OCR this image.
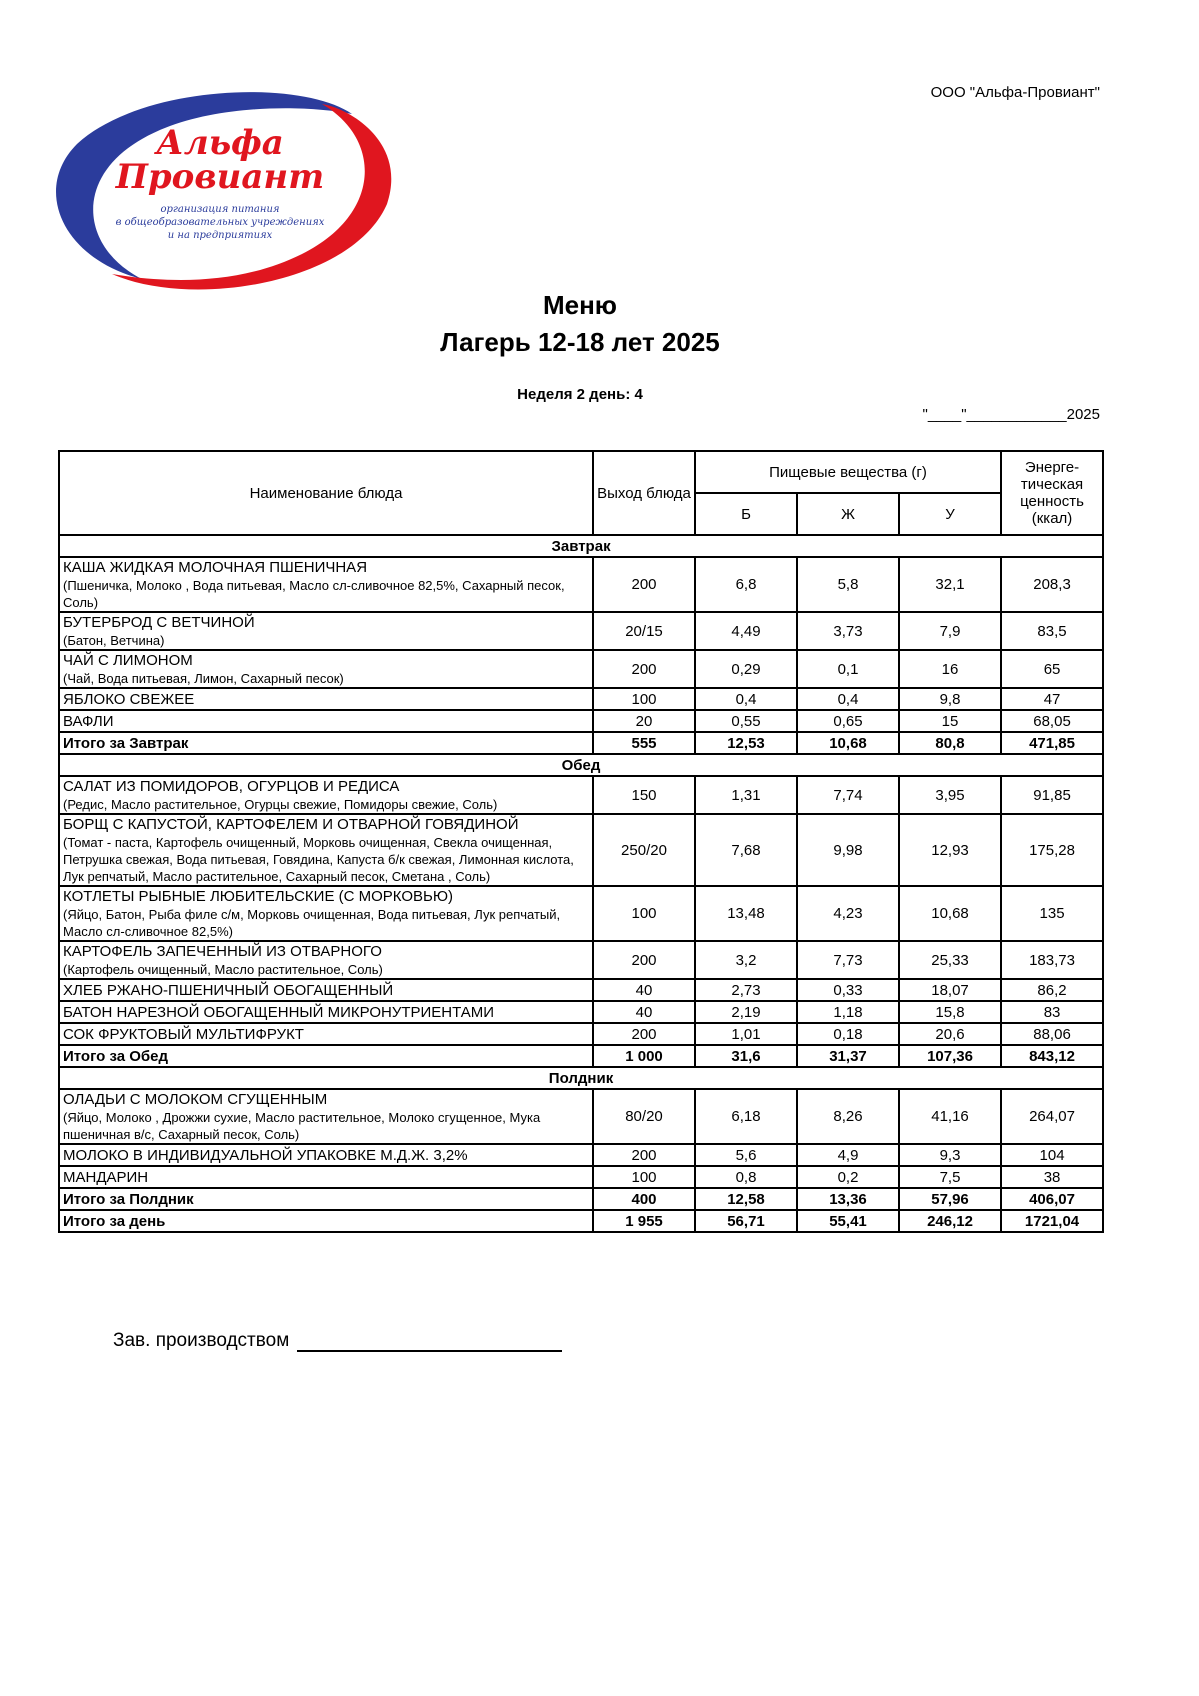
Альфа
Провиант
организация питания
в общеобразовательных учреждениях
и на предприятиях
ООО "Альфа-Провиант"
Меню
Лагерь 12-18 лет 2025
Неделя 2 день: 4
"____"____________2025
Наименование блюда	Выход блюда	Пищевые вещества (г)			Энерге-тическая ценность (ккал)
		Б	Ж	У	
Завтрак					

КАША ЖИДКАЯ МОЛОЧНАЯ ПШЕНИЧНАЯ
(Пшеничка, Молоко , Вода питьевая, Масло сл-сливочное 82,5%, Сахарный песок, Соль)	200	6,8	5,8	32,1	208,3

БУТЕРБРОД С ВЕТЧИНОЙ
(Батон, Ветчина)	20/15	4,49	3,73	7,9	83,5

ЧАЙ С ЛИМОНОМ
(Чай, Вода питьевая, Лимон, Сахарный песок)	200	0,29	0,1	16	65

ЯБЛОКО СВЕЖЕЕ	100	0,4	0,4	9,8	47

ВАФЛИ	20	0,55	0,65	15	68,05
Итого за Завтрак	555	12,53	10,68	80,8	471,85
Обед					

САЛАТ ИЗ ПОМИДОРОВ, ОГУРЦОВ И РЕДИСА
(Редис, Масло растительное, Огурцы свежие, Помидоры свежие, Соль)	150	1,31	7,74	3,95	91,85

БОРЩ С КАПУСТОЙ, КАРТОФЕЛЕМ И ОТВАРНОЙ ГОВЯДИНОЙ
(Томат - паста, Картофель очищенный, Морковь очищенная, Свекла очищенная, Петрушка свежая, Вода питьевая, Говядина, Капуста б/к свежая, Лимонная кислота, Лук репчатый, Масло растительное, Сахарный песок, Сметана , Соль)	250/20	7,68	9,98	12,93	175,28

КОТЛЕТЫ РЫБНЫЕ ЛЮБИТЕЛЬСКИЕ (С МОРКОВЬЮ)
(Яйцо, Батон, Рыба филе с/м, Морковь очищенная, Вода питьевая, Лук репчатый, Масло сл-сливочное 82,5%)	100	13,48	4,23	10,68	135

КАРТОФЕЛЬ ЗАПЕЧЕННЫЙ ИЗ ОТВАРНОГО
(Картофель очищенный, Масло растительное, Соль)	200	3,2	7,73	25,33	183,73

ХЛЕБ РЖАНО-ПШЕНИЧНЫЙ ОБОГАЩЕННЫЙ	40	2,73	0,33	18,07	86,2

БАТОН НАРЕЗНОЙ ОБОГАЩЕННЫЙ МИКРОНУТРИЕНТАМИ	40	2,19	1,18	15,8	83

СОК ФРУКТОВЫЙ МУЛЬТИФРУКТ	200	1,01	0,18	20,6	88,06
Итого за Обед	1 000	31,6	31,37	107,36	843,12
Полдник					

ОЛАДЬИ С МОЛОКОМ СГУЩЕННЫМ
(Яйцо, Молоко , Дрожжи сухие, Масло растительное, Молоко сгущенное, Мука пшеничная в/с, Сахарный песок, Соль)	80/20	6,18	8,26	41,16	264,07

МОЛОКО В ИНДИВИДУАЛЬНОЙ УПАКОВКЕ М.Д.Ж. 3,2%	200	5,6	4,9	9,3	104

МАНДАРИН	100	0,8	0,2	7,5	38
Итого за Полдник	400	12,58	13,36	57,96	406,07
Итого за день	1 955	56,71	55,41	246,12	1721,04
Зав. производством
